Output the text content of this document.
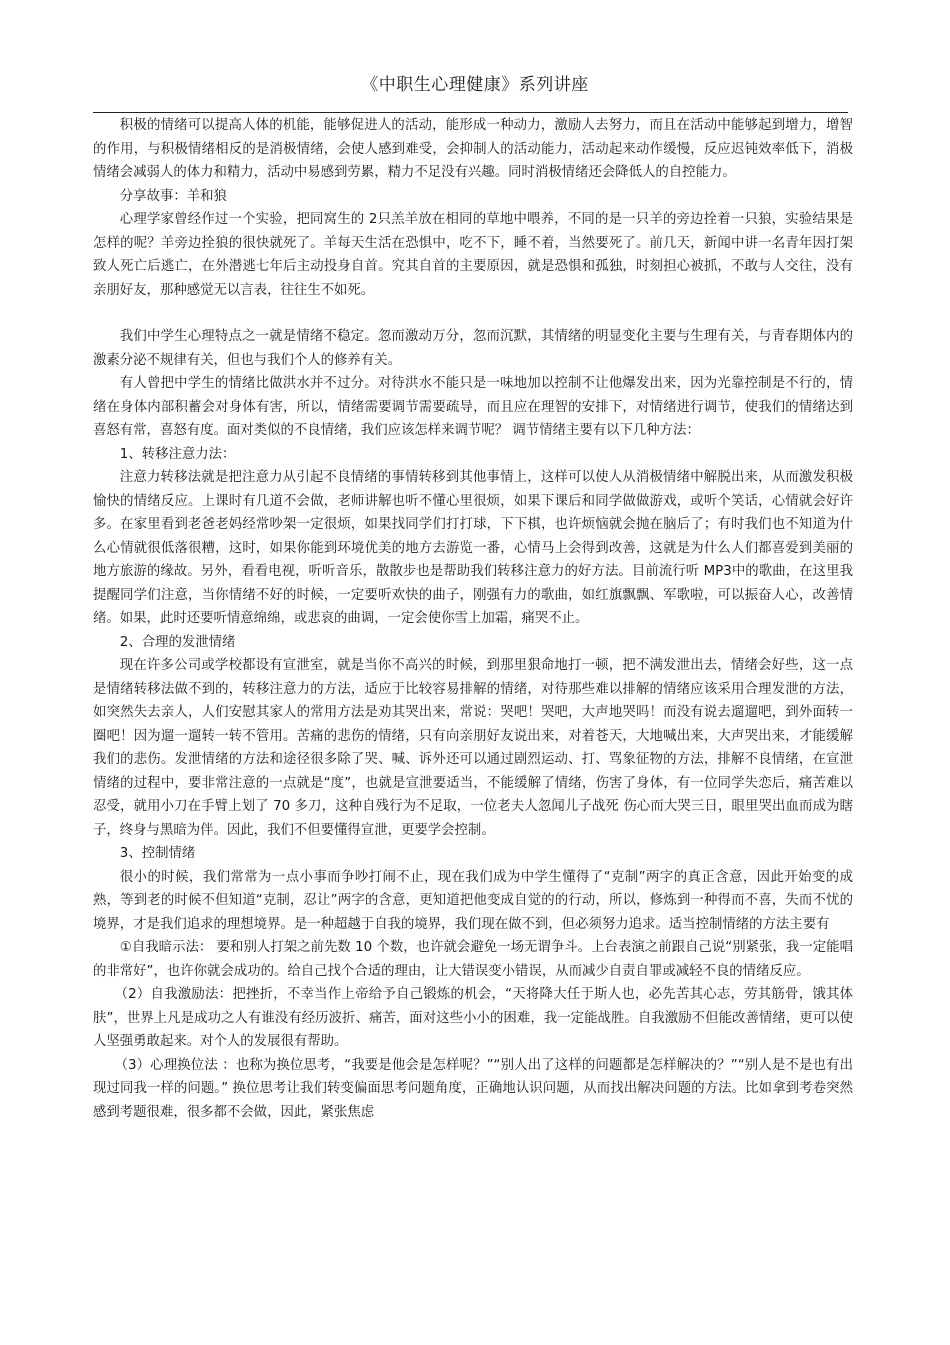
《中职生心理健康》系列讲座

积极的情绪可以提高人体的机能，能够促进人的活动，能形成一种动力，激励人去努力，而且在活动中能够起到增力，增智的作用，与积极情绪相反的是消极情绪，会使人感到难受，会抑制人的活动能力，活动起来动作缓慢，反应迟钝效率低下，消极情绪会减弱人的体力和精力，活动中易感到劳累，精力不足没有兴趣。同时消极情绪还会降低人的自控能力。

分享故事：羊和狼

心理学家曾经作过一个实验，把同窝生的 2只羔羊放在相同的草地中喂养，不同的是一只羊的旁边拴着一只狼，实验结果是怎样的呢？羊旁边拴狼的很快就死了。羊每天生活在恐惧中，吃不下，睡不着，当然要死了。前几天，新闻中讲一名青年因打架致人死亡后逃亡，在外潜逃七年后主动投身自首。究其自首的主要原因，就是恐惧和孤独，时刻担心被抓，不敢与人交往，没有亲朋好友，那种感觉无以言表，往往生不如死。

我们中学生心理特点之一就是情绪不稳定。忽而激动万分，忽而沉默，其情绪的明显变化主要与生理有关，与青春期体内的激素分泌不规律有关，但也与我们个人的修养有关。

有人曾把中学生的情绪比做洪水并不过分。对待洪水不能只是一味地加以控制不让他爆发出来，因为光靠控制是不行的，情绪在身体内部积蓄会对身体有害，所以，情绪需要调节需要疏导，而且应在理智的安排下，对情绪进行调节，使我们的情绪达到喜怒有常，喜怒有度。面对类似的不良情绪，我们应该怎样来调节呢？ 调节情绪主要有以下几种方法：

1、转移注意力法：

注意力转移法就是把注意力从引起不良情绪的事情转移到其他事情上，这样可以使人从消极情绪中解脱出来，从而激发积极愉快的情绪反应。上课时有几道不会做，老师讲解也听不懂心里很烦，如果下课后和同学做做游戏，或听个笑话，心情就会好许多。在家里看到老爸老妈经常吵架一定很烦，如果找同学们打打球，下下棋，也许烦恼就会抛在脑后了；有时我们也不知道为什么心情就很低落很糟，这时，如果你能到环境优美的地方去游览一番，心情马上会得到改善，这就是为什么人们都喜爱到美丽的地方旅游的缘故。另外，看看电视，听听音乐，散散步也是帮助我们转移注意力的好方法。目前流行听 MP3中的歌曲，在这里我提醒同学们注意，当你情绪不好的时候，一定要听欢快的曲子，刚强有力的歌曲，如红旗飘飘、军歌啦，可以振奋人心，改善情绪。如果，此时还要听情意绵绵，或悲哀的曲调，一定会使你雪上加霜，痛哭不止。

2、合理的发泄情绪

现在许多公司或学校都设有宣泄室，就是当你不高兴的时候，到那里狠命地打一顿，把不满发泄出去，情绪会好些，这一点是情绪转移法做不到的，转移注意力的方法，适应于比较容易排解的情绪，对待那些难以排解的情绪应该采用合理发泄的方法，如突然失去亲人，人们安慰其家人的常用方法是劝其哭出来，常说：哭吧！哭吧，大声地哭吗！而没有说去遛遛吧，到外面转一圈吧！因为遛一遛转一转不管用。苦痛的悲伤的情绪，只有向亲朋好友说出来，对着苍天，大地喊出来，大声哭出来，才能缓解我们的悲伤。发泄情绪的方法和途径很多除了哭、喊、诉外还可以通过剧烈运动、打、骂象征物的方法，排解不良情绪，在宣泄情绪的过程中，要非常注意的一点就是“度”，也就是宣泄要适当，不能缓解了情绪，伤害了身体，有一位同学失恋后，痛苦难以忍受，就用小刀在手臂上划了 70 多刀，这种自残行为不足取，一位老夫人忽闻儿子战死 伤心而大哭三日，眼里哭出血而成为瞎子，终身与黑暗为伴。因此，我们不但要懂得宣泄，更要学会控制。

3、控制情绪

很小的时候，我们常常为一点小事而争吵打闹不止，现在我们成为中学生懂得了“克制”两字的真正含意，因此开始变的成熟，等到老的时候不但知道“克制，忍让”两字的含意，更知道把他变成自觉的的行动，所以，修炼到一种得而不喜，失而不忧的境界，才是我们追求的理想境界。是一种超越于自我的境界，我们现在做不到，但必须努力追求。适当控制情绪的方法主要有

①自我暗示法： 要和别人打架之前先数 10 个数，也许就会避免一场无谓争斗。上台表演之前跟自己说“别紧张，我一定能唱的非常好”，也许你就会成功的。给自己找个合适的理由，让大错误变小错误，从而减少自责自罪或减轻不良的情绪反应。

（2）自我激励法：把挫折，不幸当作上帝给予自己锻炼的机会，“天将降大任于斯人也，必先苦其心志，劳其筋骨，饿其体肤”，世界上凡是成功之人有谁没有经历波折、痛苦，面对这些小小的困难，我一定能战胜。自我激励不但能改善情绪，更可以使人坚强勇敢起来。对个人的发展很有帮助。

（3）心理换位法 ：也称为换位思考，“我要是他会是怎样呢？”“别人出了这样的问题都是怎样解决的？”“别人是不是也有出现过同我一样的问题。” 换位思考让我们转变偏面思考问题角度，正确地认识问题，从而找出解决问题的方法。比如拿到考卷突然感到考题很难，很多都不会做，因此，紧张焦虑
